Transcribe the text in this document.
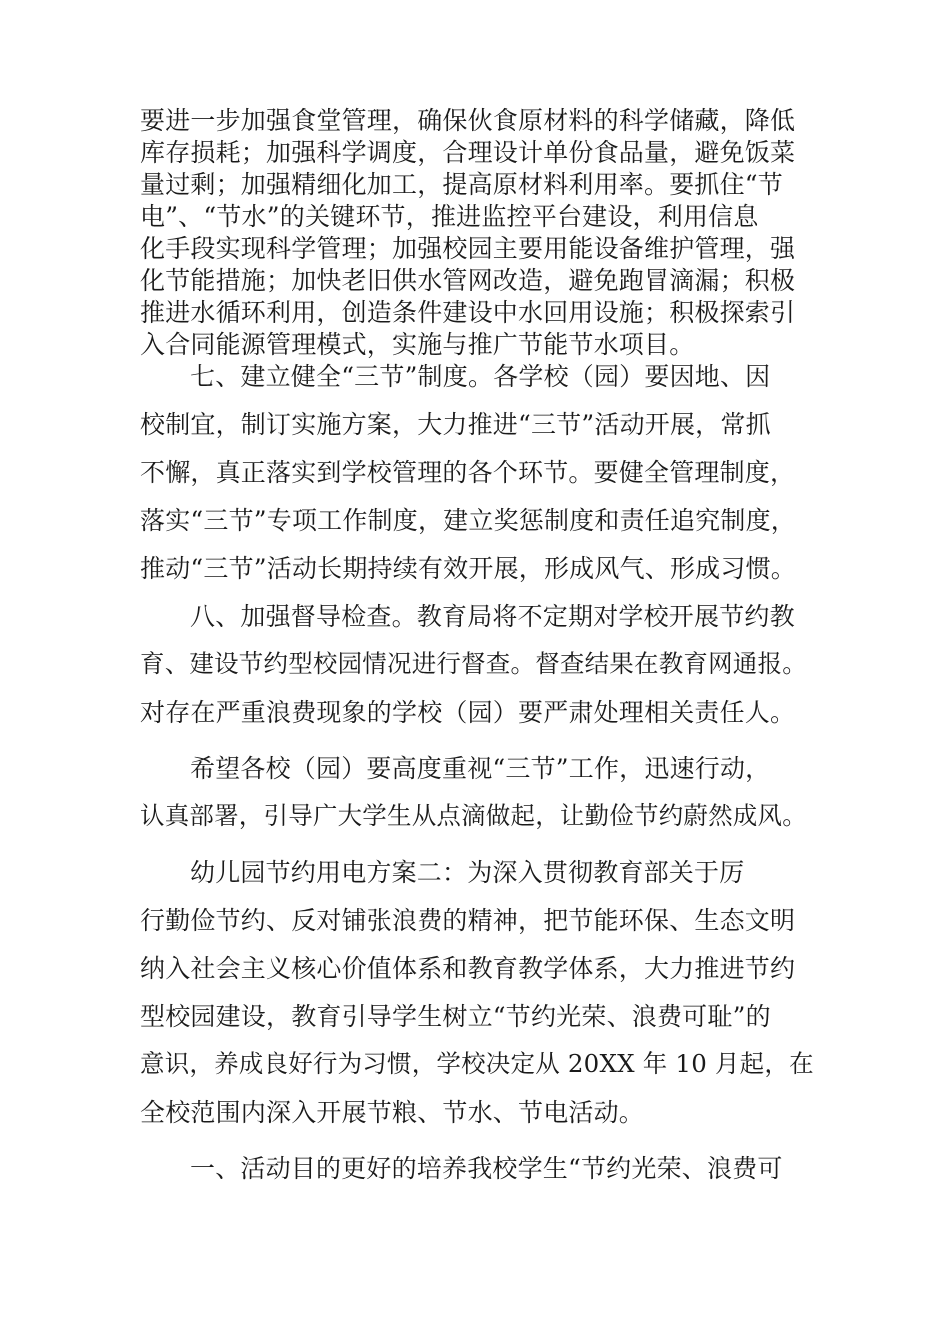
要进一步加强食堂管理，确保伙食原材料的科学储藏，降低
库存损耗；加强科学调度，合理设计单份食品量，避免饭菜
量过剩；加强精细化加工，提高原材料利用率。要抓住“节
电”、“节水”的关键环节，推进监控平台建设，利用信息
化手段实现科学管理；加强校园主要用能设备维护管理，强
化节能措施；加快老旧供水管网改造，避免跑冒滴漏；积极
推进水循环利用，创造条件建设中水回用设施；积极探索引
入合同能源管理模式，实施与推广节能节水项目。
七、建立健全“三节”制度。各学校（园）要因地、因
校制宜，制订实施方案，大力推进“三节”活动开展，常抓
不懈，真正落实到学校管理的各个环节。要健全管理制度，
落实“三节”专项工作制度，建立奖惩制度和责任追究制度，
推动“三节”活动长期持续有效开展，形成风气、形成习惯。
八、加强督导检查。教育局将不定期对学校开展节约教
育、建设节约型校园情况进行督查。督查结果在教育网通报。
对存在严重浪费现象的学校（园）要严肃处理相关责任人。
希望各校（园）要高度重视“三节”工作，迅速行动，
认真部署，引导广大学生从点滴做起，让勤俭节约蔚然成风。
幼儿园节约用电方案二：为深入贯彻教育部关于厉
行勤俭节约、反对铺张浪费的精神，把节能环保、生态文明
纳入社会主义核心价值体系和教育教学体系，大力推进节约
型校园建设，教育引导学生树立“节约光荣、浪费可耻”的
意识，养成良好行为习惯，学校决定从 20XX 年 10 月起，在
全校范围内深入开展节粮、节水、节电活动。
一、活动目的更好的培养我校学生“节约光荣、浪费可
